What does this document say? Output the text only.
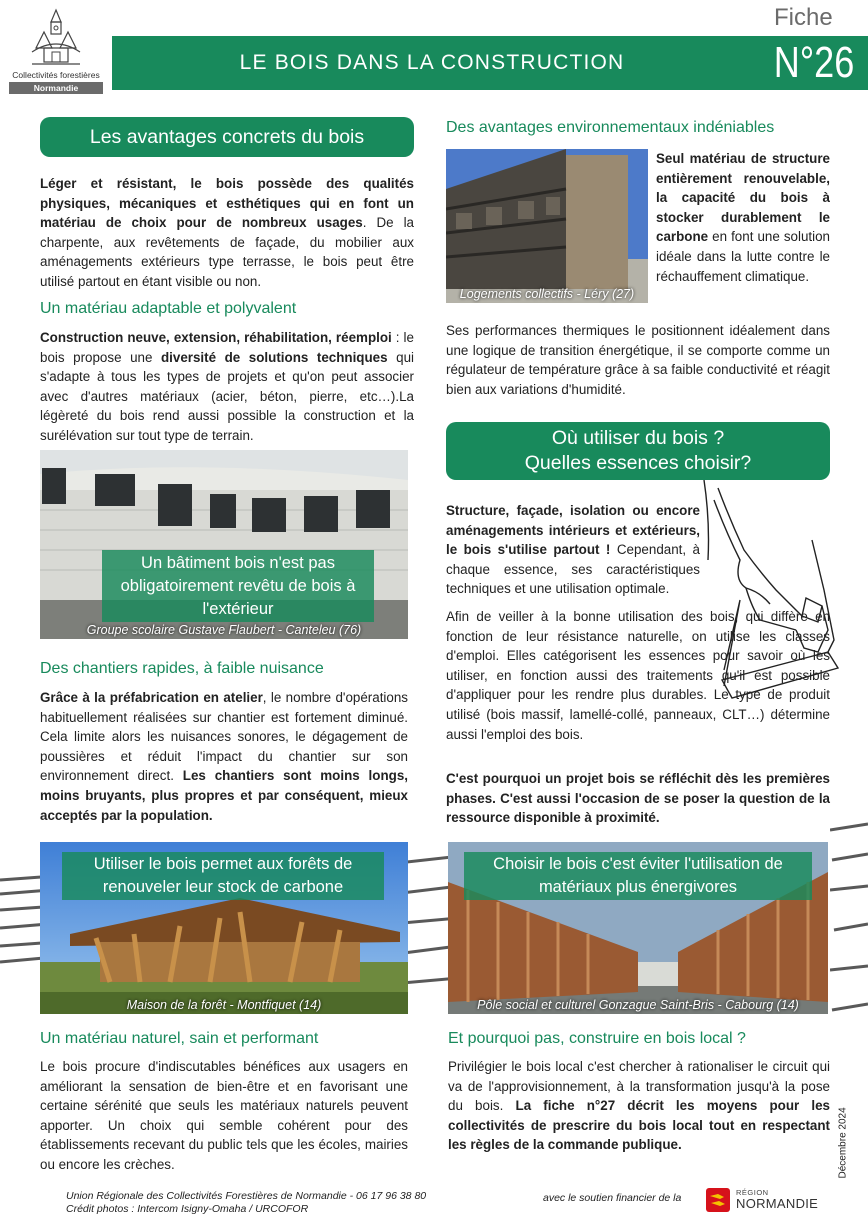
Collectivités forestières
Normandie
LE BOIS DANS LA CONSTRUCTION
Fiche
N°26
Les avantages concrets du bois
Léger et résistant, le bois possède des qualités physiques, mécaniques et esthétiques qui en font un matériau de choix pour de nombreux usages. De la charpente, aux revêtements de façade, du mobilier aux aménagements extérieurs type terrasse, le bois peut être utilisé partout en étant visible ou non.
Un matériau adaptable et polyvalent
Construction neuve, extension, réhabilitation, réemploi : le bois propose une diversité de solutions techniques qui s'adapte à tous les types de projets et qu'on peut associer avec d'autres matériaux (acier, béton, pierre, etc…).La légèreté du bois rend aussi possible la construction et la surélévation sur tout type de terrain.
Un bâtiment bois n'est pas obligatoirement revêtu de bois à l'extérieur
Groupe scolaire Gustave Flaubert - Canteleu (76)
Des chantiers rapides, à faible nuisance
Grâce à la préfabrication en atelier, le nombre d'opérations habituellement réalisées sur chantier est fortement diminué. Cela limite alors les nuisances sonores, le dégagement de poussières et réduit l'impact du chantier sur son environnement direct. Les chantiers sont moins longs, moins bruyants, plus propres et par conséquent, mieux acceptés par la population.
Utiliser le bois permet aux forêts de renouveler leur stock de carbone
Maison de la forêt - Montfiquet (14)
Un matériau naturel, sain et performant
Le bois procure d'indiscutables bénéfices aux usagers en améliorant la sensation de bien-être et en favorisant une certaine sérénité que seuls les matériaux naturels peuvent apporter. Un choix qui semble cohérent pour des établissements recevant du public tels que les écoles, mairies ou encore les crèches.
Des avantages environnementaux indéniables
Logements collectifs - Léry (27)
Seul matériau de structure entièrement renouvelable, la capacité du bois à stocker durablement le carbone en font une solution idéale dans la lutte contre le réchauffement climatique.
Ses performances thermiques le positionnent idéalement dans une logique de transition énergétique, il se comporte comme un régulateur de température grâce à sa faible conductivité et réagit bien aux variations d'humidité.
Où utiliser du bois ?
Quelles essences choisir?
Structure, façade, isolation ou encore aménagements intérieurs et extérieurs, le bois s'utilise partout ! Cependant, à chaque essence, ses caractéristiques techniques et une utilisation optimale.
Afin de veiller à la bonne utilisation des bois, qui diffère en fonction de leur résistance naturelle, on utilise les classes d'emploi. Elles catégorisent les essences pour savoir où les utiliser, en fonction aussi des traitements qu'il est possible d'appliquer pour les rendre plus durables. Le type de produit utilisé (bois massif, lamellé-collé, panneaux, CLT…) détermine aussi l'emploi des bois.
C'est pourquoi un projet bois se réfléchit dès les premières phases. C'est aussi l'occasion de se poser la question de la ressource disponible à proximité.
Choisir le bois c'est éviter l'utilisation de matériaux plus énergivores
Pôle social et culturel Gonzague Saint-Bris - Cabourg (14)
Et pourquoi pas, construire en bois local ?
Privilégier le bois local c'est chercher à rationaliser le circuit qui va de l'approvisionnement, à la transformation jusqu'à la pose du bois. La fiche n°27 décrit les moyens pour les collectivités de prescrire du bois local tout en respectant les règles de la commande publique.	Décembre 2024
Union Régionale des Collectivités Forestières de Normandie - 06 17 96 38 80
Crédit photos : Intercom Isigny-Omaha / URCOFOR
avec le soutien financier de la	RÉGION
NORMANDIE
